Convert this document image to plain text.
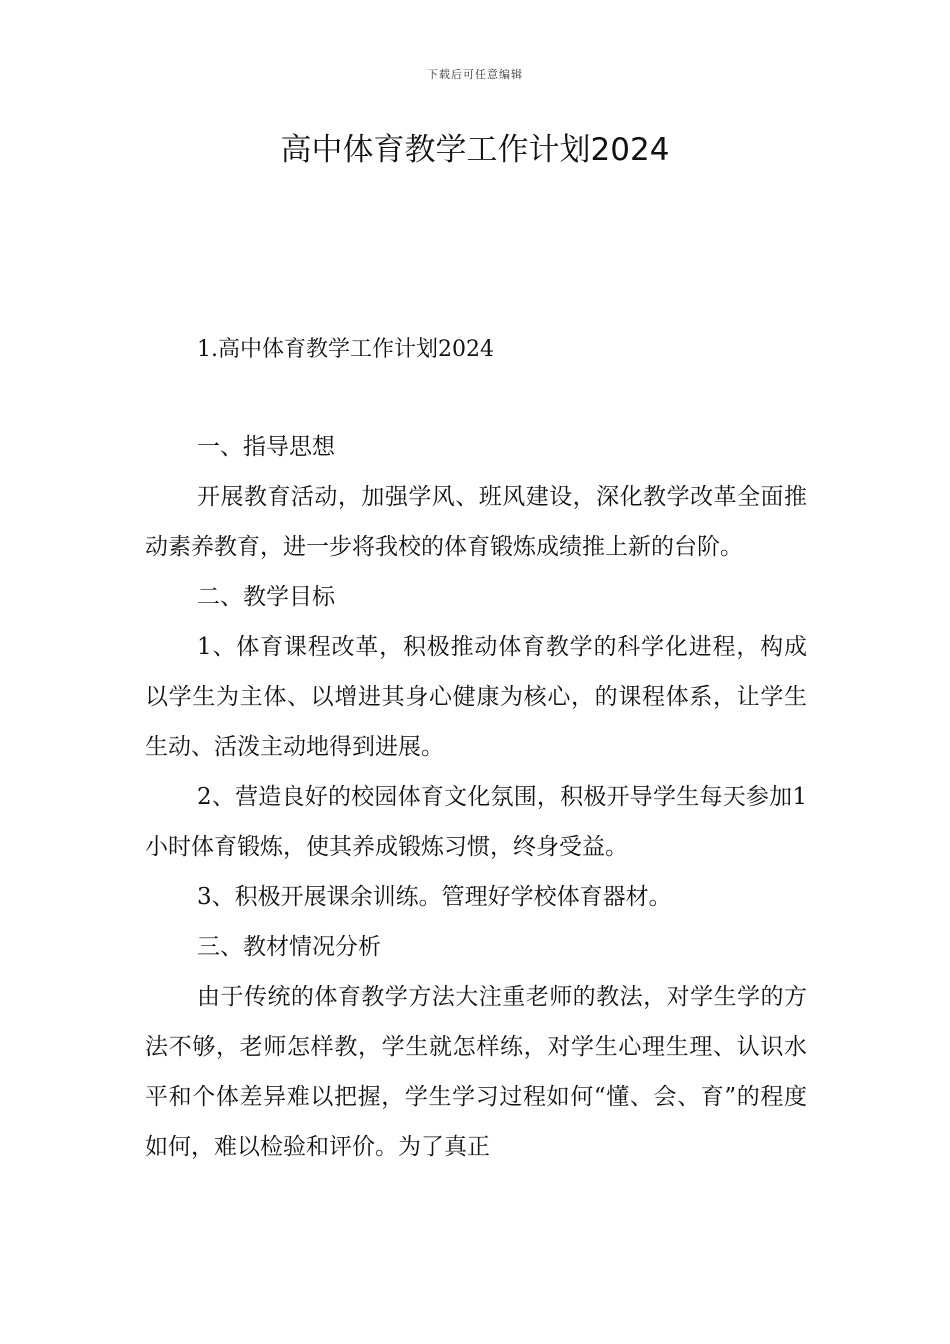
下载后可任意编辑
高中体育教学工作计划2024

1.高中体育教学工作计划2024

一、指导思想

开展教育活动，加强学风、班风建设，深化教学改革全面推动素养教育，进一步将我校的体育锻炼成绩推上新的台阶。

二、教学目标

1、体育课程改革，积极推动体育教学的科学化进程，构成以学生为主体、以增进其身心健康为核心，的课程体系，让学生生动、活泼主动地得到进展。

2、营造良好的校园体育文化氛围，积极开导学生每天参加1小时体育锻炼，使其养成锻炼习惯，终身受益。

3、积极开展课余训练。管理好学校体育器材。

三、教材情况分析

由于传统的体育教学方法大注重老师的教法，对学生学的方法不够，老师怎样教，学生就怎样练，对学生心理生理、认识水平和个体差异难以把握，学生学习过程如何“懂、会、育”的程度如何，难以检验和评价。为了真正
